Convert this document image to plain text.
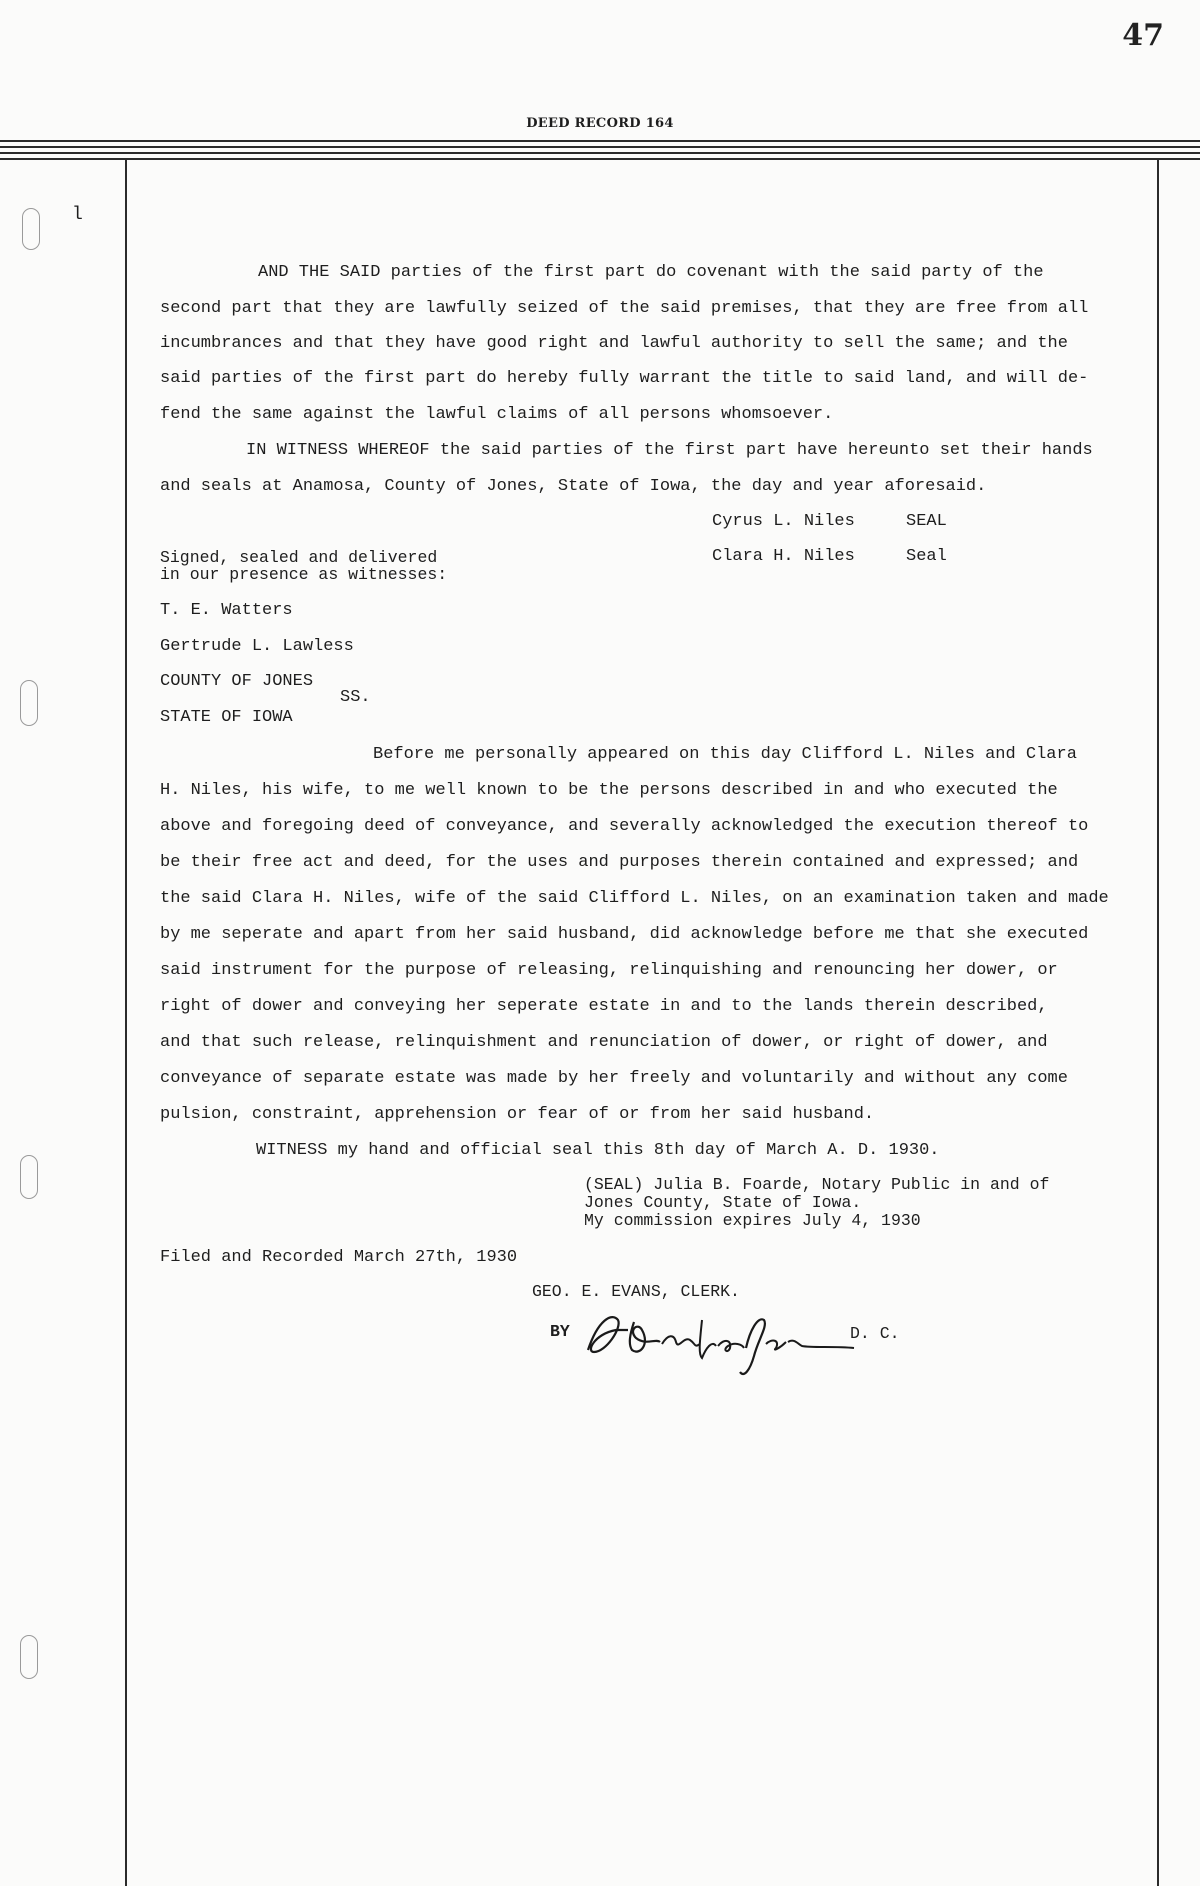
47
DEED RECORD 164
l
AND THE SAID parties of the first part do covenant with the said party of the
second part that they are lawfully seized of the said premises, that they are free from all
incumbrances and that they have good right and lawful authority to sell the same; and the
said parties of the first part do hereby fully warrant the title to said land, and will de-
fend the same against the lawful claims of all persons whomsoever.
IN WITNESS WHEREOF the said parties of the first part have hereunto set their hands
and seals at Anamosa, County of Jones, State of Iowa, the day and year aforesaid.
Cyrus L. Niles	SEAL
Clara H. Niles	Seal
Signed, sealed and delivered
in our presence as witnesses:
T. E. Watters
Gertrude L. Lawless
COUNTY OF JONES
SS.
STATE OF IOWA
Before me personally appeared on this day Clifford L. Niles and Clara
H. Niles, his wife, to me well known to be the persons described in and who executed the
above and foregoing deed of conveyance, and severally acknowledged the execution thereof to
be their free act and deed, for the uses and purposes therein contained and expressed; and
the said Clara H. Niles, wife of the said Clifford L. Niles, on an examination taken and made
by me seperate and apart from her said husband, did acknowledge before me that she executed
said instrument for the purpose of releasing, relinquishing and renouncing her dower, or
right of dower and conveying her seperate estate in and to the lands therein described,
and that such release, relinquishment and renunciation of dower, or right of dower, and
conveyance of separate estate was made by her freely and voluntarily and without any come
pulsion, constraint, apprehension or fear of or from her said husband.
WITNESS my hand and official seal this 8th day of March A. D. 1930.
(SEAL) Julia B. Foarde, Notary Public in and of
Jones County, State of Iowa.
My commission expires July 4, 1930
Filed and Recorded March 27th, 1930
GEO. E. EVANS, CLERK.
BY	D. C.
